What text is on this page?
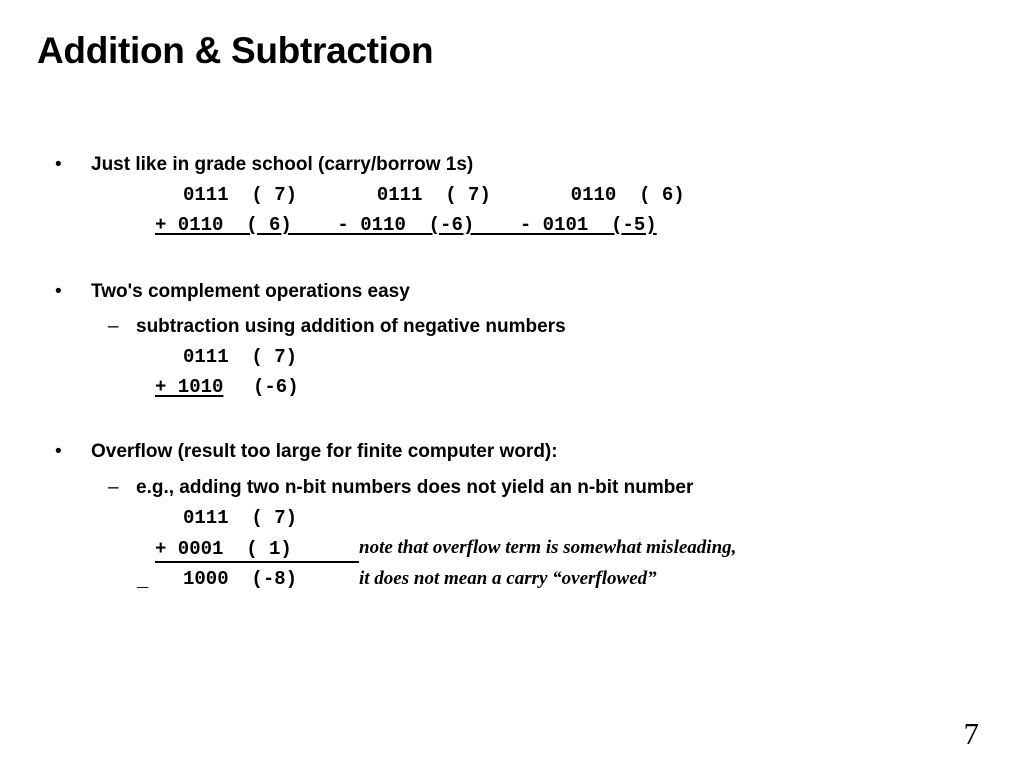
Addition & Subtraction
• Just like in grade school (carry/borrow 1s)
0111  ( 7)       0111  ( 7)       0110  ( 6)
+ 0110  ( 6)    - 0110  (-6)    - 0101  (-5)
• Two's complement operations easy
– subtraction using addition of negative numbers
0111  ( 7)
+ 1010 (-6)
• Overflow (result too large for finite computer word):
– e.g., adding two n-bit numbers does not yield an n-bit number
0111  ( 7)
+ 0001  ( 1)	note that overflow term is somewhat misleading,
_ 1000  (-8)	it does not mean a carry “overflowed”
7
